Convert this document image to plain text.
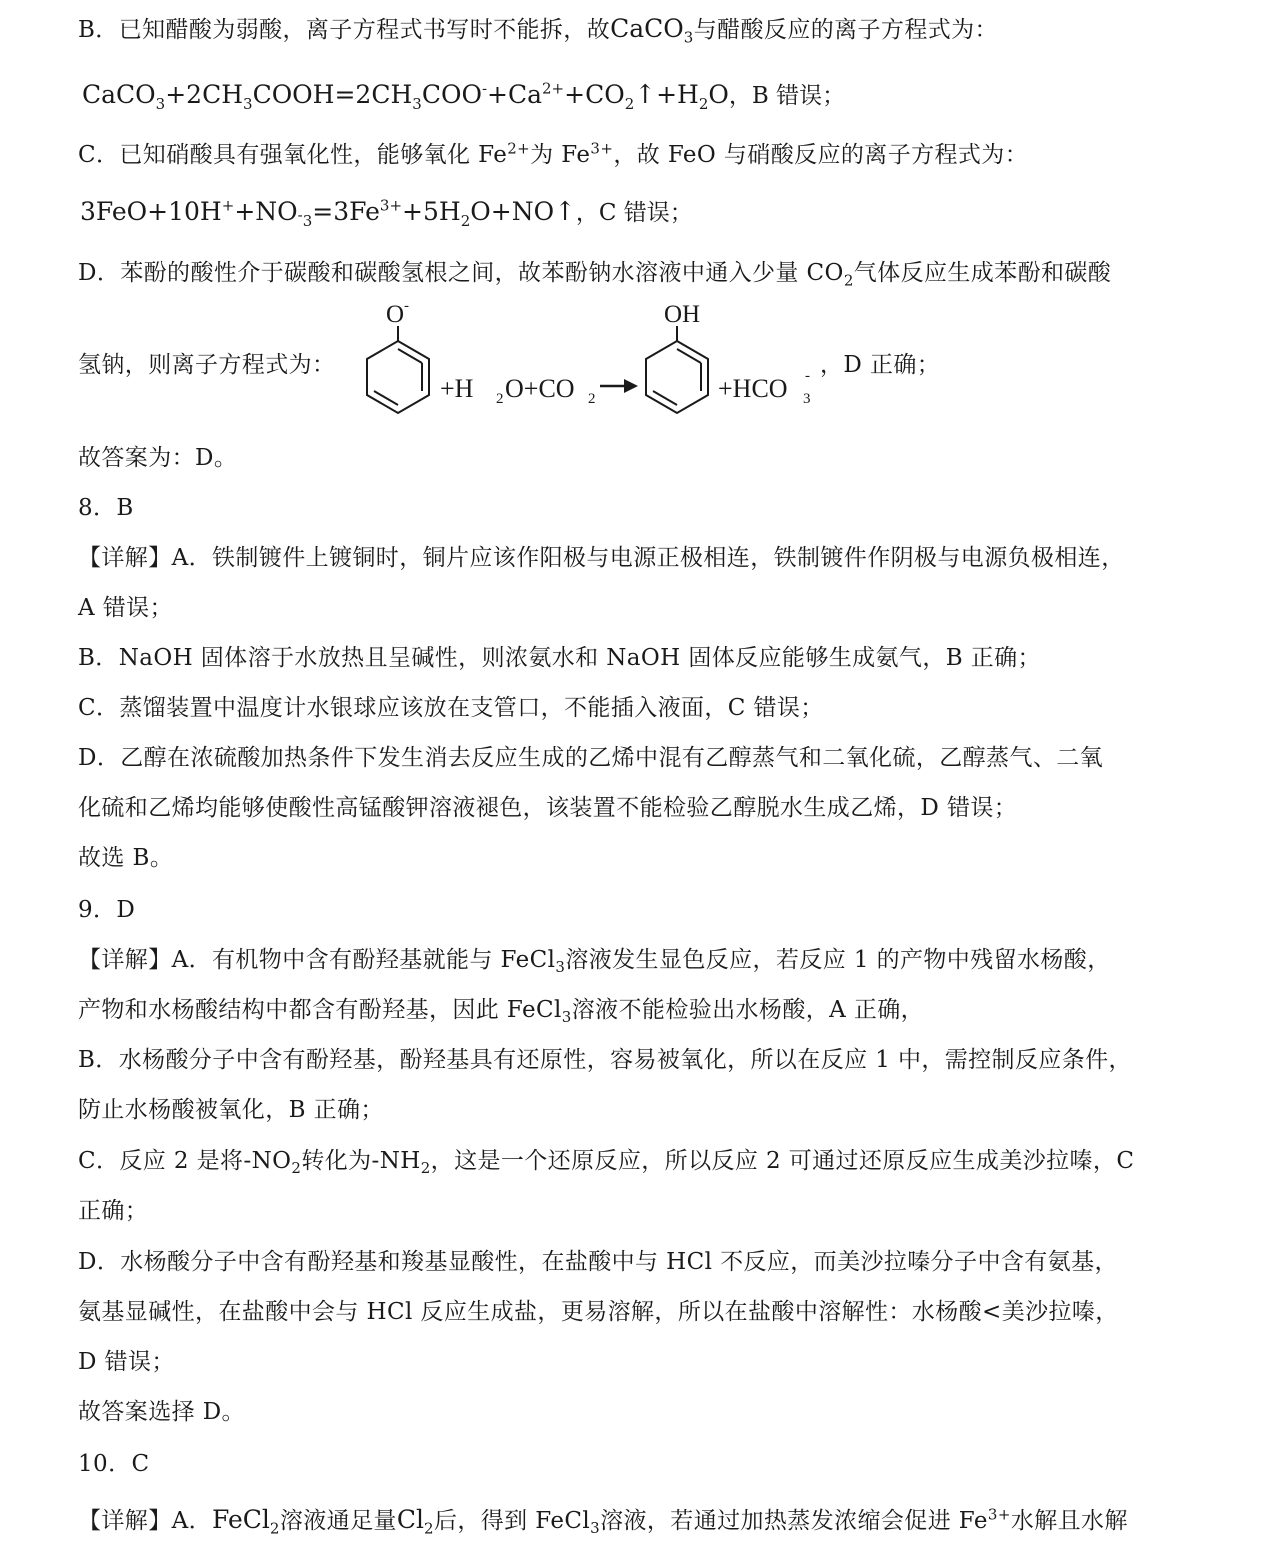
B．已知醋酸为弱酸，离子方程式书写时不能拆，故CaCO$_3$与醋酸反应的离子方程式为：
$CaCO_3+2CH_3COOH=2CH_3COO^-+Ca^{2+}+CO_2↑+H_2O$，B 错误；
C．已知硝酸具有强氧化性，能够氧化 $Fe^{2+}$为 $Fe^{3+}$，故 FeO 与硝酸反应的离子方程式为：
$3FeO+10H^++NO_{^-3}=3Fe^{3+}+5H_2O+NO↑$，C 错误；
D．苯酚的酸性介于碳酸和碳酸氢根之间，故苯酚钠水溶液中通入少量 $CO_2$气体反应生成苯酚和碳酸
氢钠，则离子方程式为：
O -
+H 2 O+CO 2
OH
+HCO 3
- ，D 正确；
故答案为：D。
8．B
【详解】A．铁制镀件上镀铜时，铜片应该作阳极与电源正极相连，铁制镀件作阴极与电源负极相连，
A 错误；
B．NaOH 固体溶于水放热且呈碱性，则浓氨水和 NaOH 固体反应能够生成氨气，B 正确；
C．蒸馏装置中温度计水银球应该放在支管口，不能插入液面，C 错误；
D．乙醇在浓硫酸加热条件下发生消去反应生成的乙烯中混有乙醇蒸气和二氧化硫，乙醇蒸气、二氧
化硫和乙烯均能够使酸性高锰酸钾溶液褪色，该装置不能检验乙醇脱水生成乙烯，D 错误；
故选 B。
9．D
【详解】A．有机物中含有酚羟基就能与 FeCl$_3$溶液发生显色反应，若反应 1 的产物中残留水杨酸，
产物和水杨酸结构中都含有酚羟基，因此 FeCl$_3$溶液不能检验出水杨酸，A 正确，
B．水杨酸分子中含有酚羟基，酚羟基具有还原性，容易被氧化，所以在反应 1 中，需控制反应条件，
防止水杨酸被氧化，B 正确；
C．反应 2 是将$-NO_2$转化为$-NH_2$，这是一个还原反应，所以反应 2 可通过还原反应生成美沙拉嗪，C
正确；
D．水杨酸分子中含有酚羟基和羧基显酸性，在盐酸中与 HCl 不反应，而美沙拉嗪分子中含有氨基，
氨基显碱性，在盐酸中会与 HCl 反应生成盐，更易溶解，所以在盐酸中溶解性：水杨酸<美沙拉嗪，
D 错误；
故答案选择 D。
10．C
【详解】A．FeCl$_2$溶液通足量$Cl_2$后，得到 FeCl$_3$溶液，若通过加热蒸发浓缩会促进 $Fe^{3+}$水解且水解
